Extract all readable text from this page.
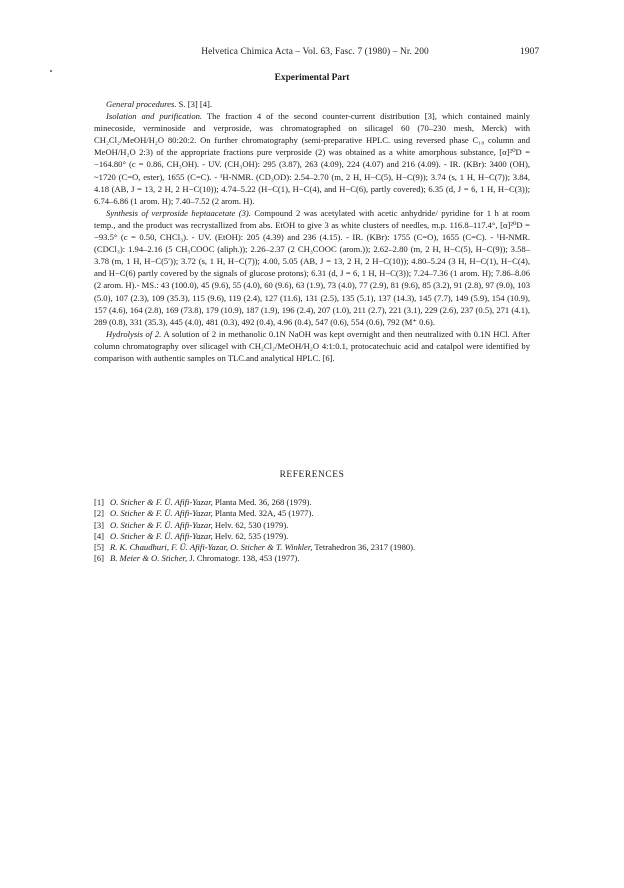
Helvetica Chimica Acta – Vol. 63, Fasc. 7 (1980) – Nr. 200	1907
Experimental Part

General procedures. S. [3] [4].

Isolation and purification. The fraction 4 of the second counter-current distribution [3], which contained mainly minecoside, verminoside and verproside, was chromatographed on silicagel 60 (70–230 mesh, Merck) with CH₂Cl₂/MeOH/H₂O 80:20:2. On further chromatography (semi-preparative HPLC. using reversed phase C₁₈ column and MeOH/H₂O 2:3) of the appropriate fractions pure verproside (2) was obtained as a white amorphous substance, [α]²⁰D = −164.80° (c = 0.86, CH₃OH). - UV. (CH₃OH): 295 (3.87), 263 (4.09), 224 (4.07) and 216 (4.09). - IR. (KBr): 3400 (OH), ~1720 (C=O, ester), 1655 (C=C). - ¹H-NMR. (CD₃OD): 2.54–2.70 (m, 2 H, H−C(5), H−C(9)); 3.74 (s, 1 H, H−C(7)); 3.84, 4.18 (AB, J = 13, 2 H, 2 H−C(10)); 4.74–5.22 (H−C(1), H−C(4), and H−C(6), partly covered); 6.35 (d, J = 6, 1 H, H−C(3)); 6.74–6.86 (1 arom. H); 7.40–7.52 (2 arom. H).

Synthesis of verproside heptaacetate (3). Compound 2 was acetylated with acetic anhydride/ pyridine for 1 h at room temp., and the product was recrystallized from abs. EtOH to give 3 as white clusters of needles, m.p. 116.8–117.4°, [α]²⁰D = −93.5° (c = 0.50, CHCl₃). - UV. (EtOH): 205 (4.39) and 236 (4.15). - IR. (KBr): 1755 (C=O), 1655 (C=C). - ¹H-NMR. (CDCl₃): 1.94–2.16 (5 CH₃COOC (aliph.)); 2.26–2.37 (2 CH₃COOC (arom.)); 2.62–2.80 (m, 2 H, H−C(5), H−C(9)); 3.58–3.78 (m, 1 H, H−C(5′)); 3.72 (s, 1 H, H−C(7)); 4.00, 5.05 (AB, J = 13, 2 H, 2 H−C(10)); 4.80–5.24 (3 H, H−C(1), H−C(4), and H−C(6) partly covered by the signals of glucose protons); 6.31 (d, J = 6, 1 H, H−C(3)); 7.24–7.36 (1 arom. H); 7.86–8.06 (2 arom. H).- MS.: 43 (100.0), 45 (9.6), 55 (4.0), 60 (9.6), 63 (1.9), 73 (4.0), 77 (2.9), 81 (9.6), 85 (3.2), 91 (2.8), 97 (9.0), 103 (5.0), 107 (2.3), 109 (35.3), 115 (9.6), 119 (2.4), 127 (11.6), 131 (2.5), 135 (5.1), 137 (14.3), 145 (7.7), 149 (5.9), 154 (10.9), 157 (4.6), 164 (2.8), 169 (73.8), 179 (10.9), 187 (1.9), 196 (2.4), 207 (1.0), 211 (2.7), 221 (3.1), 229 (2.6), 237 (0.5), 271 (4.1), 289 (0.8), 331 (35.3), 445 (4.0), 481 (0.3), 492 (0.4), 4.96 (0.4), 547 (0.6), 554 (0.6), 792 (M⁺ 0.6).

Hydrolysis of 2. A solution of 2 in methanolic 0.1N NaOH was kept overnight and then neutralized with 0.1N HCl. After column chromatography over silicagel with CH₂Cl₂/MeOH/H₂O 4:1:0.1, protocatechuic acid and catalpol were identified by comparison with authentic samples on TLC.and analytical HPLC. [6].

REFERENCES
[1] O. Sticher & F. Ü. Afifi-Yazar, Planta Med. 36, 268 (1979).
[2] O. Sticher & F. Ü. Afifi-Yazar, Planta Med. 32A, 45 (1977).
[3] O. Sticher & F. Ü. Afifi-Yazar, Helv. 62, 530 (1979).
[4] O. Sticher & F. Ü. Afifi-Yazar, Helv. 62, 535 (1979).
[5] R. K. Chaudhuri, F. Ü. Afifi-Yazar, O. Sticher & T. Winkler, Tetrahedron 36, 2317 (1980).
[6] B. Meier & O. Sticher, J. Chromatogr. 138, 453 (1977).
